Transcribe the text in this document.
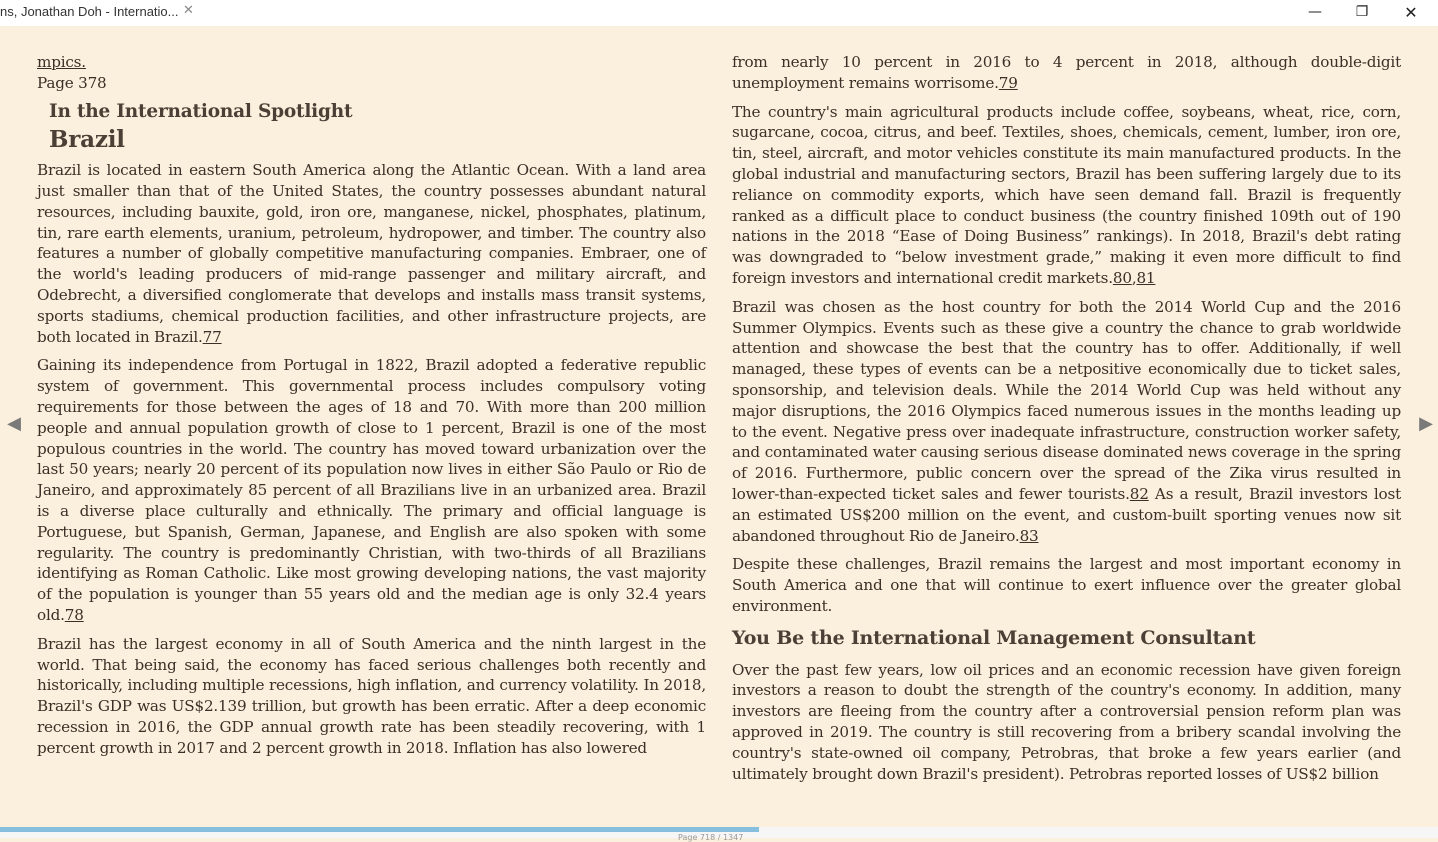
ns, Jonathan Doh - Internatio... ✕	—	❐	✕
◀	▶
mpics.
Page 378
In the International Spotlight
Brazil

Brazil is located in eastern South America along the Atlantic Ocean. With a land area just smaller than that of the United States, the country possesses abundant natural resources, including bauxite, gold, iron ore, manganese, nickel, phosphates, platinum, tin, rare earth elements, uranium, petroleum, hydropower, and timber. The country also features a number of globally competitive manufacturing companies. Embraer, one of the world's leading producers of mid-range passenger and military aircraft, and Odebrecht, a diversified conglomerate that develops and installs mass transit systems, sports stadiums, chemical production facilities, and other infrastructure projects, are both located in Brazil.77

Gaining its independence from Portugal in 1822, Brazil adopted a federative republic system of government. This governmental process includes compulsory voting requirements for those between the ages of 18 and 70. With more than 200 million people and annual population growth of close to 1 percent, Brazil is one of the most populous countries in the world. The country has moved toward urbanization over the last 50 years; nearly 20 percent of its population now lives in either São Paulo or Rio de Janeiro, and approximately 85 percent of all Brazilians live in an urbanized area. Brazil is a diverse place culturally and ethnically. The primary and official language is Portuguese, but Spanish, German, Japanese, and English are also spoken with some regularity. The country is predominantly Christian, with two-thirds of all Brazilians identifying as Roman Catholic. Like most growing developing nations, the vast majority of the population is younger than 55 years old and the median age is only 32.4 years old.78

Brazil has the largest economy in all of South America and the ninth largest in the world. That being said, the economy has faced serious challenges both recently and historically, including multiple recessions, high inflation, and currency volatility. In 2018, Brazil's GDP was US$2.139 trillion, but growth has been erratic. After a deep economic recession in 2016, the GDP annual growth rate has been steadily recovering, with 1 percent growth in 2017 and 2 percent growth in 2018. Inflation has also lowered

from nearly 10 percent in 2016 to 4 percent in 2018, although double-digit unemployment remains worrisome.79

The country's main agricultural products include coffee, soybeans, wheat, rice, corn, sugarcane, cocoa, citrus, and beef. Textiles, shoes, chemicals, cement, lumber, iron ore, tin, steel, aircraft, and motor vehicles constitute its main manufactured products. In the global industrial and manufacturing sectors, Brazil has been suffering largely due to its reliance on commodity exports, which have seen demand fall. Brazil is frequently ranked as a difficult place to conduct business (the country finished 109th out of 190 nations in the 2018 “Ease of Doing Business” rankings). In 2018, Brazil's debt rating was downgraded to “below investment grade,” making it even more difficult to find foreign investors and international credit markets.80,81

Brazil was chosen as the host country for both the 2014 World Cup and the 2016 Summer Olympics. Events such as these give a country the chance to grab worldwide attention and showcase the best that the country has to offer. Additionally, if well managed, these types of events can be a netpositive economically due to ticket sales, sponsorship, and television deals. While the 2014 World Cup was held without any major disruptions, the 2016 Olympics faced numerous issues in the months leading up to the event. Negative press over inadequate infrastructure, construction worker safety, and contaminated water causing serious disease dominated news coverage in the spring of 2016. Furthermore, public concern over the spread of the Zika virus resulted in lower-than-expected ticket sales and fewer tourists.82 As a result, Brazil investors lost an estimated US$200 million on the event, and custom-built sporting venues now sit abandoned throughout Rio de Janeiro.83

Despite these challenges, Brazil remains the largest and most important economy in South America and one that will continue to exert influence over the greater global environment.

You Be the International Management Consultant

Over the past few years, low oil prices and an economic recession have given foreign investors a reason to doubt the strength of the country's economy. In addition, many investors are fleeing from the country after a controversial pension reform plan was approved in 2019. The country is still recovering from a bribery scandal involving the country's state-owned oil company, Petrobras, that broke a few years earlier (and ultimately brought down Brazil's president). Petrobras reported losses of US$2 billion

Page 718 / 1347
